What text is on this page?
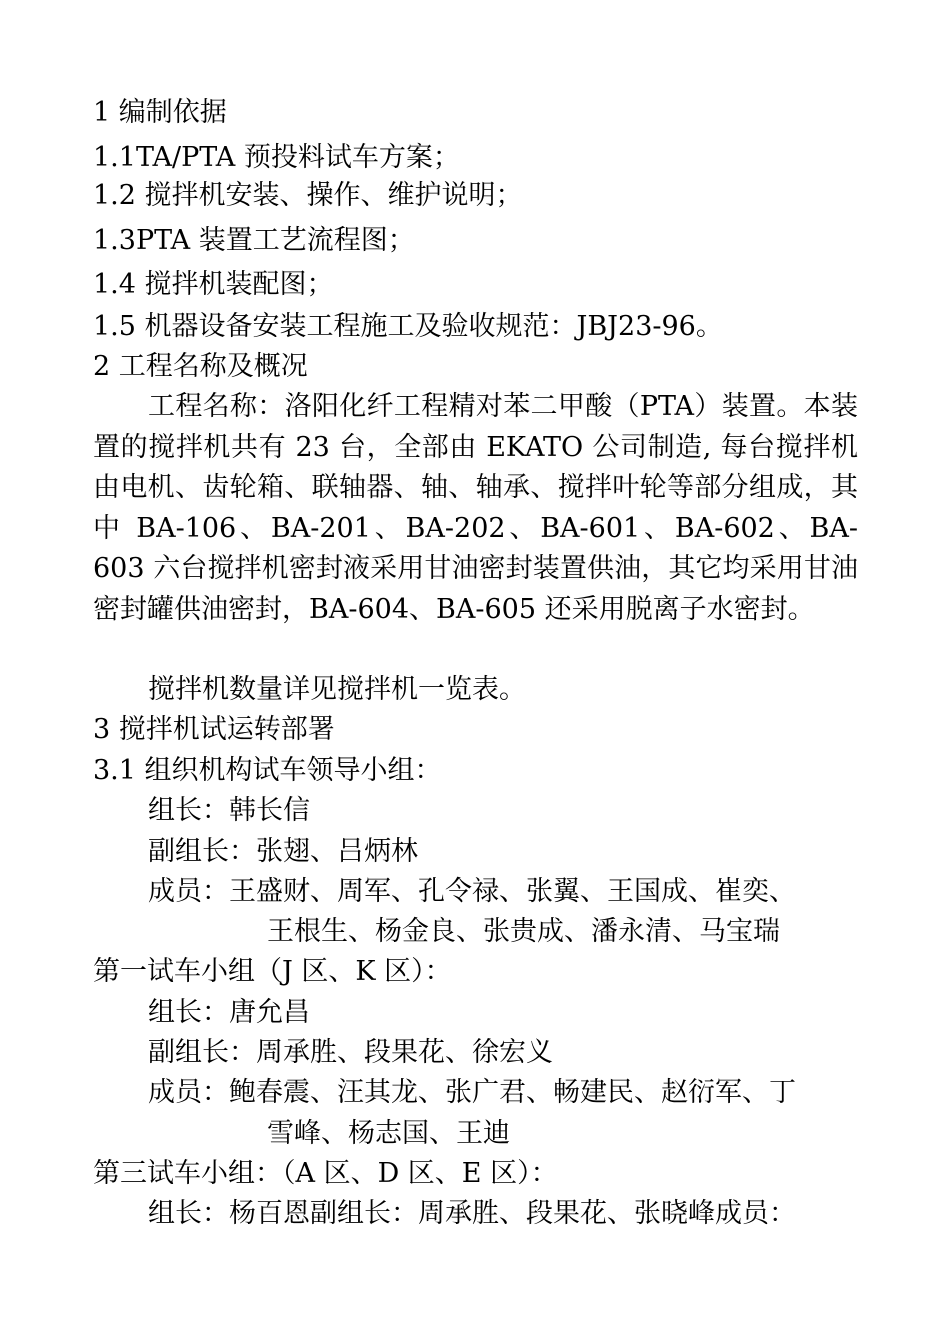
1 编制依据

1.1TA/PTA 预投料试车方案；

1.2 搅拌机安装、操作、维护说明；

1.3PTA 装置工艺流程图；

1.4 搅拌机装配图；

1.5 机器设备安装工程施工及验收规范：JBJ23-96。

2 工程名称及概况

工程名称：洛阳化纤工程精对苯二甲酸（PTA）装置。本装置的搅拌机共有 23 台，全部由 EKATO 公司制造, 每台搅拌机由电机、齿轮箱、联轴器、轴、轴承、搅拌叶轮等部分组成，其中 BA-106、BA-201、BA-202、BA-601、BA-602、BA-603 六台搅拌机密封液采用甘油密封装置供油，其它均采用甘油密封罐供油密封，BA-604、BA-605 还采用脱离子水密封。

搅拌机数量详见搅拌机一览表。

3 搅拌机试运转部署

3.1 组织机构试车领导小组：

组长：韩长信

副组长：张翅、吕炳林

成员：王盛财、周军、孔令禄、张翼、王国成、崔奕、

王根生、杨金良、张贵成、潘永清、马宝瑞

第一试车小组（J 区、K 区）：

组长：唐允昌

副组长：周承胜、段果花、徐宏义

成员：鲍春震、汪其龙、张广君、畅建民、赵衍军、丁

雪峰、杨志国、王迪

第三试车小组：（A 区、D 区、E 区）：

组长：杨百恩副组长：周承胜、段果花、张晓峰成员：
